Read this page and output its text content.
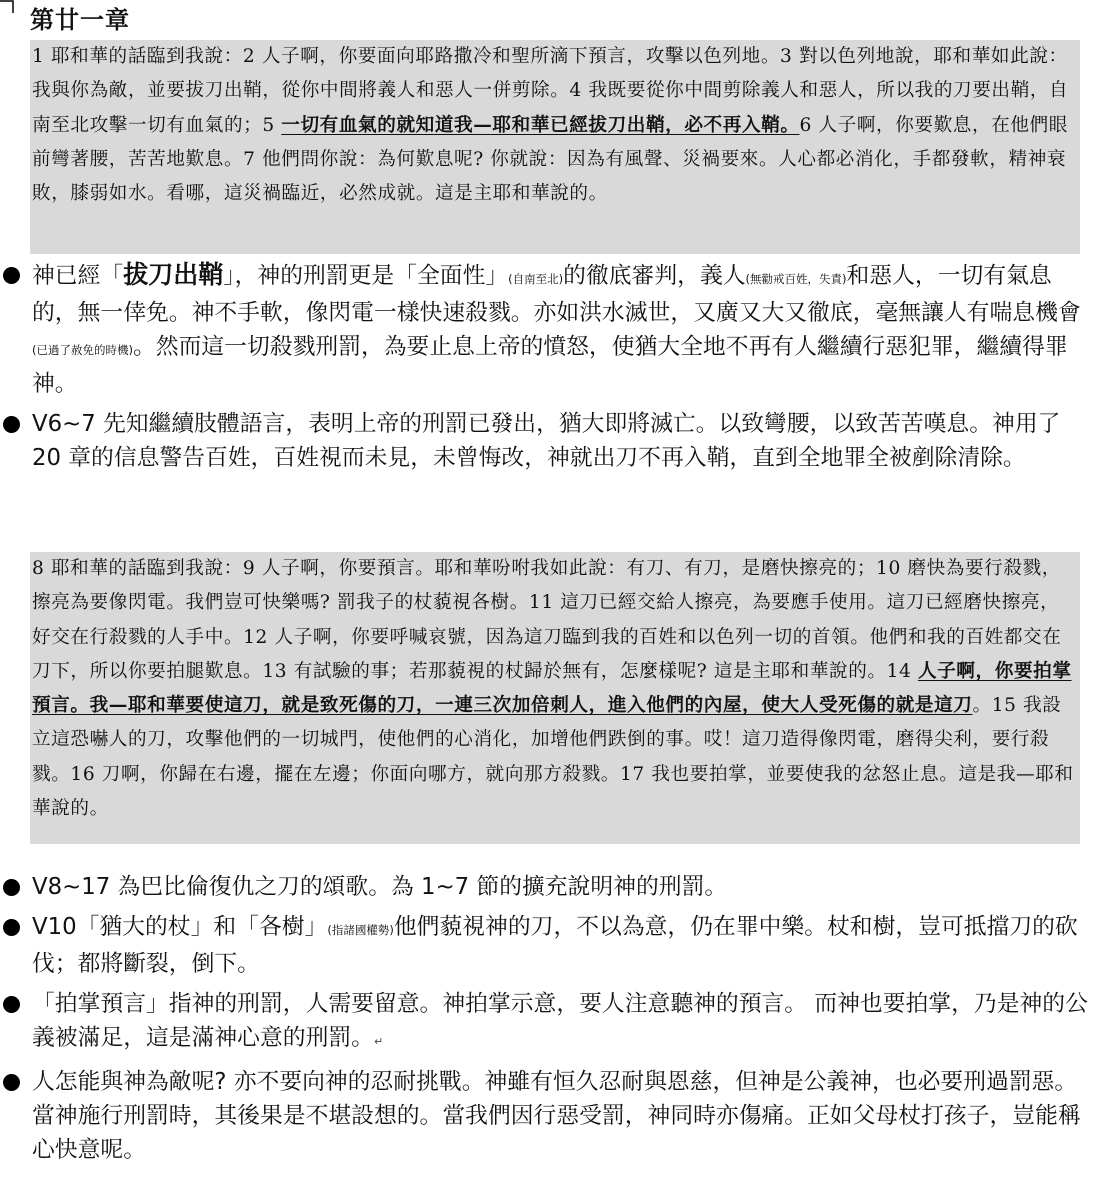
第廿一章
1 耶和華的話臨到我說：2 人子啊，你要面向耶路撒冷和聖所滴下預言，攻擊以色列地。3 對以色列地說，耶和華如此說：我與你為敵，並要拔刀出鞘，從你中間將義人和惡人一併剪除。4 我既要從你中間剪除義人和惡人，所以我的刀要出鞘，自南至北攻擊一切有血氣的；5 一切有血氣的就知道我—耶和華已經拔刀出鞘，必不再入鞘。6 人子啊，你要歎息，在他們眼前彎著腰，苦苦地歎息。7 他們問你說：為何歎息呢? 你就說：因為有風聲、災禍要來。人心都必消化，手都發軟，精神衰敗，膝弱如水。看哪，這災禍臨近，必然成就。這是主耶和華說的。
神已經「拔刀出鞘」，神的刑罰更是「全面性」(自南至北)的徹底審判，義人(無勸戒百姓，失責)和惡人，一切有氣息的，無一倖免。神不手軟，像閃電一樣快速殺戮。亦如洪水滅世，又廣又大又徹底，毫無讓人有喘息機會(已過了赦免的時機)。然而這一切殺戮刑罰，為要止息上帝的憤怒，使猶大全地不再有人繼續行惡犯罪，繼續得罪神。
V6~7 先知繼續肢體語言，表明上帝的刑罰已發出，猶大即將滅亡。以致彎腰，以致苦苦嘆息。神用了 20 章的信息警告百姓，百姓視而未見，未曾悔改，神就出刀不再入鞘，直到全地罪全被剷除清除。
8 耶和華的話臨到我說：9 人子啊，你要預言。耶和華吩咐我如此說：有刀、有刀，是磨快擦亮的；10 磨快為要行殺戮，擦亮為要像閃電。我們豈可快樂嗎? 罰我子的杖藐視各樹。11 這刀已經交給人擦亮，為要應手使用。這刀已經磨快擦亮，好交在行殺戮的人手中。12 人子啊，你要呼喊哀號，因為這刀臨到我的百姓和以色列一切的首領。他們和我的百姓都交在刀下，所以你要拍腿歎息。13 有試驗的事；若那藐視的杖歸於無有，怎麼樣呢? 這是主耶和華說的。14 人子啊，你要拍掌預言。我—耶和華要使這刀，就是致死傷的刀，一連三次加倍刺人，進入他們的內屋，使大人受死傷的就是這刀。15 我設立這恐嚇人的刀，攻擊他們的一切城門，使他們的心消化，加增他們跌倒的事。哎！這刀造得像閃電，磨得尖利，要行殺戮。16 刀啊，你歸在右邊，擺在左邊；你面向哪方，就向那方殺戮。17 我也要拍掌，並要使我的忿怒止息。這是我—耶和華說的。
V8~17 為巴比倫復仇之刀的頌歌。為 1~7 節的擴充說明神的刑罰。
V10「猶大的杖」和「各樹」(指諸國權勢)他們藐視神的刀，不以為意，仍在罪中樂。杖和樹，豈可抵擋刀的砍伐；都將斷裂，倒下。
「拍掌預言」指神的刑罰，人需要留意。神拍掌示意，要人注意聽神的預言。 而神也要拍掌，乃是神的公義被滿足，這是滿神心意的刑罰。↵
人怎能與神為敵呢? 亦不要向神的忍耐挑戰。神雖有恒久忍耐與恩慈，但神是公義神，也必要刑過罰惡。當神施行刑罰時，其後果是不堪設想的。當我們因行惡受罰，神同時亦傷痛。正如父母杖打孩子，豈能稱心快意呢。
